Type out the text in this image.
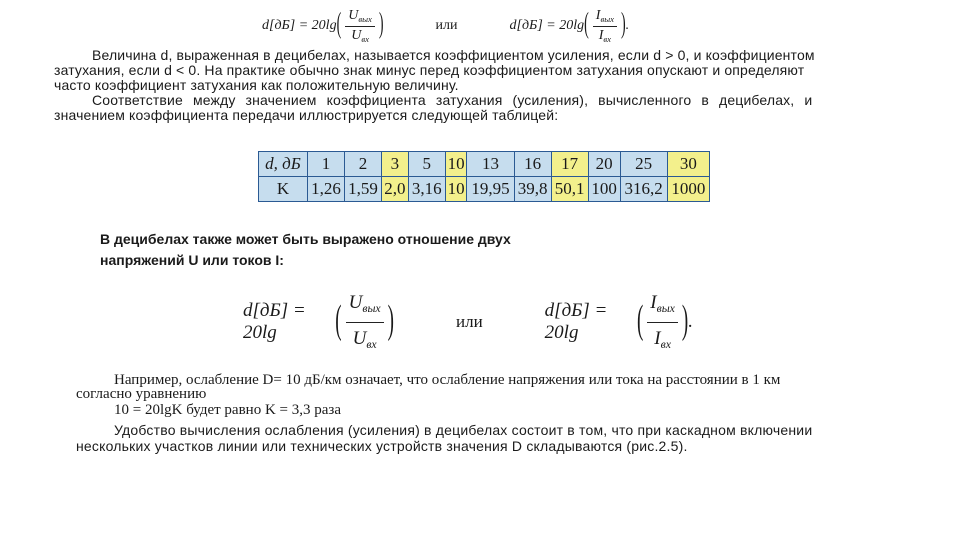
d[дБ] = 20lg ( $\frac{U_{вых}}{U_{вх}}$ )	или	d[дБ] = 20lg ( $\frac{I_{вых}}{I_{вх}}$ ) .
Величина d, выраженная в децибелах, называется коэффициентом усиления, если d > 0, и коэффициентом
затухания, если d < 0. На практике обычно знак минус перед коэффициентом затухания опускают и определяют
часто коэффициент затухания как положительную величину.
Соответствие между значением коэффициента затухания (усиления), вычисленного в децибелах, и
значением коэффициента передачи иллюстрируется следующей таблицей:
d, дБ	1	2	3	5	10	13	16	17	20	25	30
K	1,26	1,59	2,0	3,16	10	19,95	39,8	50,1	100	316,2	1000
В децибелах также может быть выражено отношение двух
напряжений U или токов I:
d[дБ] = 20lg	( $\frac{U_{вых}}{U_{вх}}$ )	или
d[дБ] = 20lg	( $\frac{I_{вых}}{I_{вх}}$ ) .
Например, ослабление D= 10 дБ/км означает, что ослабление напряжения или тока на расстоянии в 1 км
согласно уравнению
10 = 20lgK будет равно K = 3,3 раза
Удобство вычисления ослабления (усиления) в децибелах состоит в том, что при каскадном включении
нескольких участков линии или технических устройств значения D складываются (рис.2.5).
